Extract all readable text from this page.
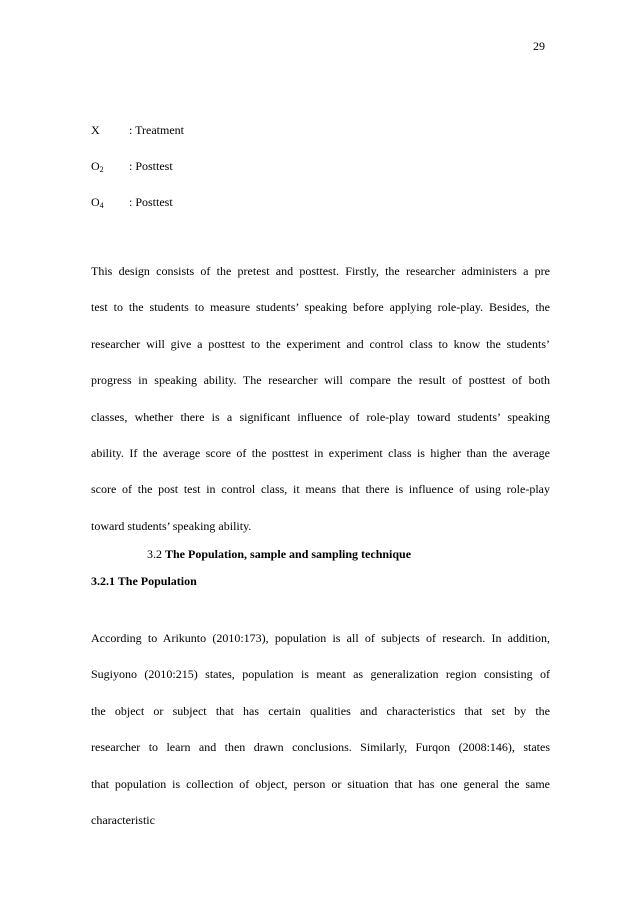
29
X : Treatment
$O_2$ : Posttest
$O_4$ : Posttest
This design consists of the pretest and posttest. Firstly, the researcher administers a pre
test to the students to measure students’ speaking before applying role-play. Besides, the
researcher will give a posttest to the experiment and control class to know the students’
progress in speaking ability. The researcher will compare the result of posttest of both
classes, whether there is a significant influence of role-play toward students’ speaking
ability. If the average score of the posttest in experiment class is higher than the average
score of the post test in control class, it means that there is influence of using role-play
toward students’ speaking ability.
3.2 The Population, sample and sampling technique
3.2.1 The Population
According to Arikunto (2010:173), population is all of subjects of research. In addition,
Sugiyono (2010:215) states, population is meant as generalization region consisting of
the object or subject that has certain qualities and characteristics that set by the
researcher to learn and then drawn conclusions. Similarly, Furqon (2008:146), states
that population is collection of object, person or situation that has one general the same
characteristic
